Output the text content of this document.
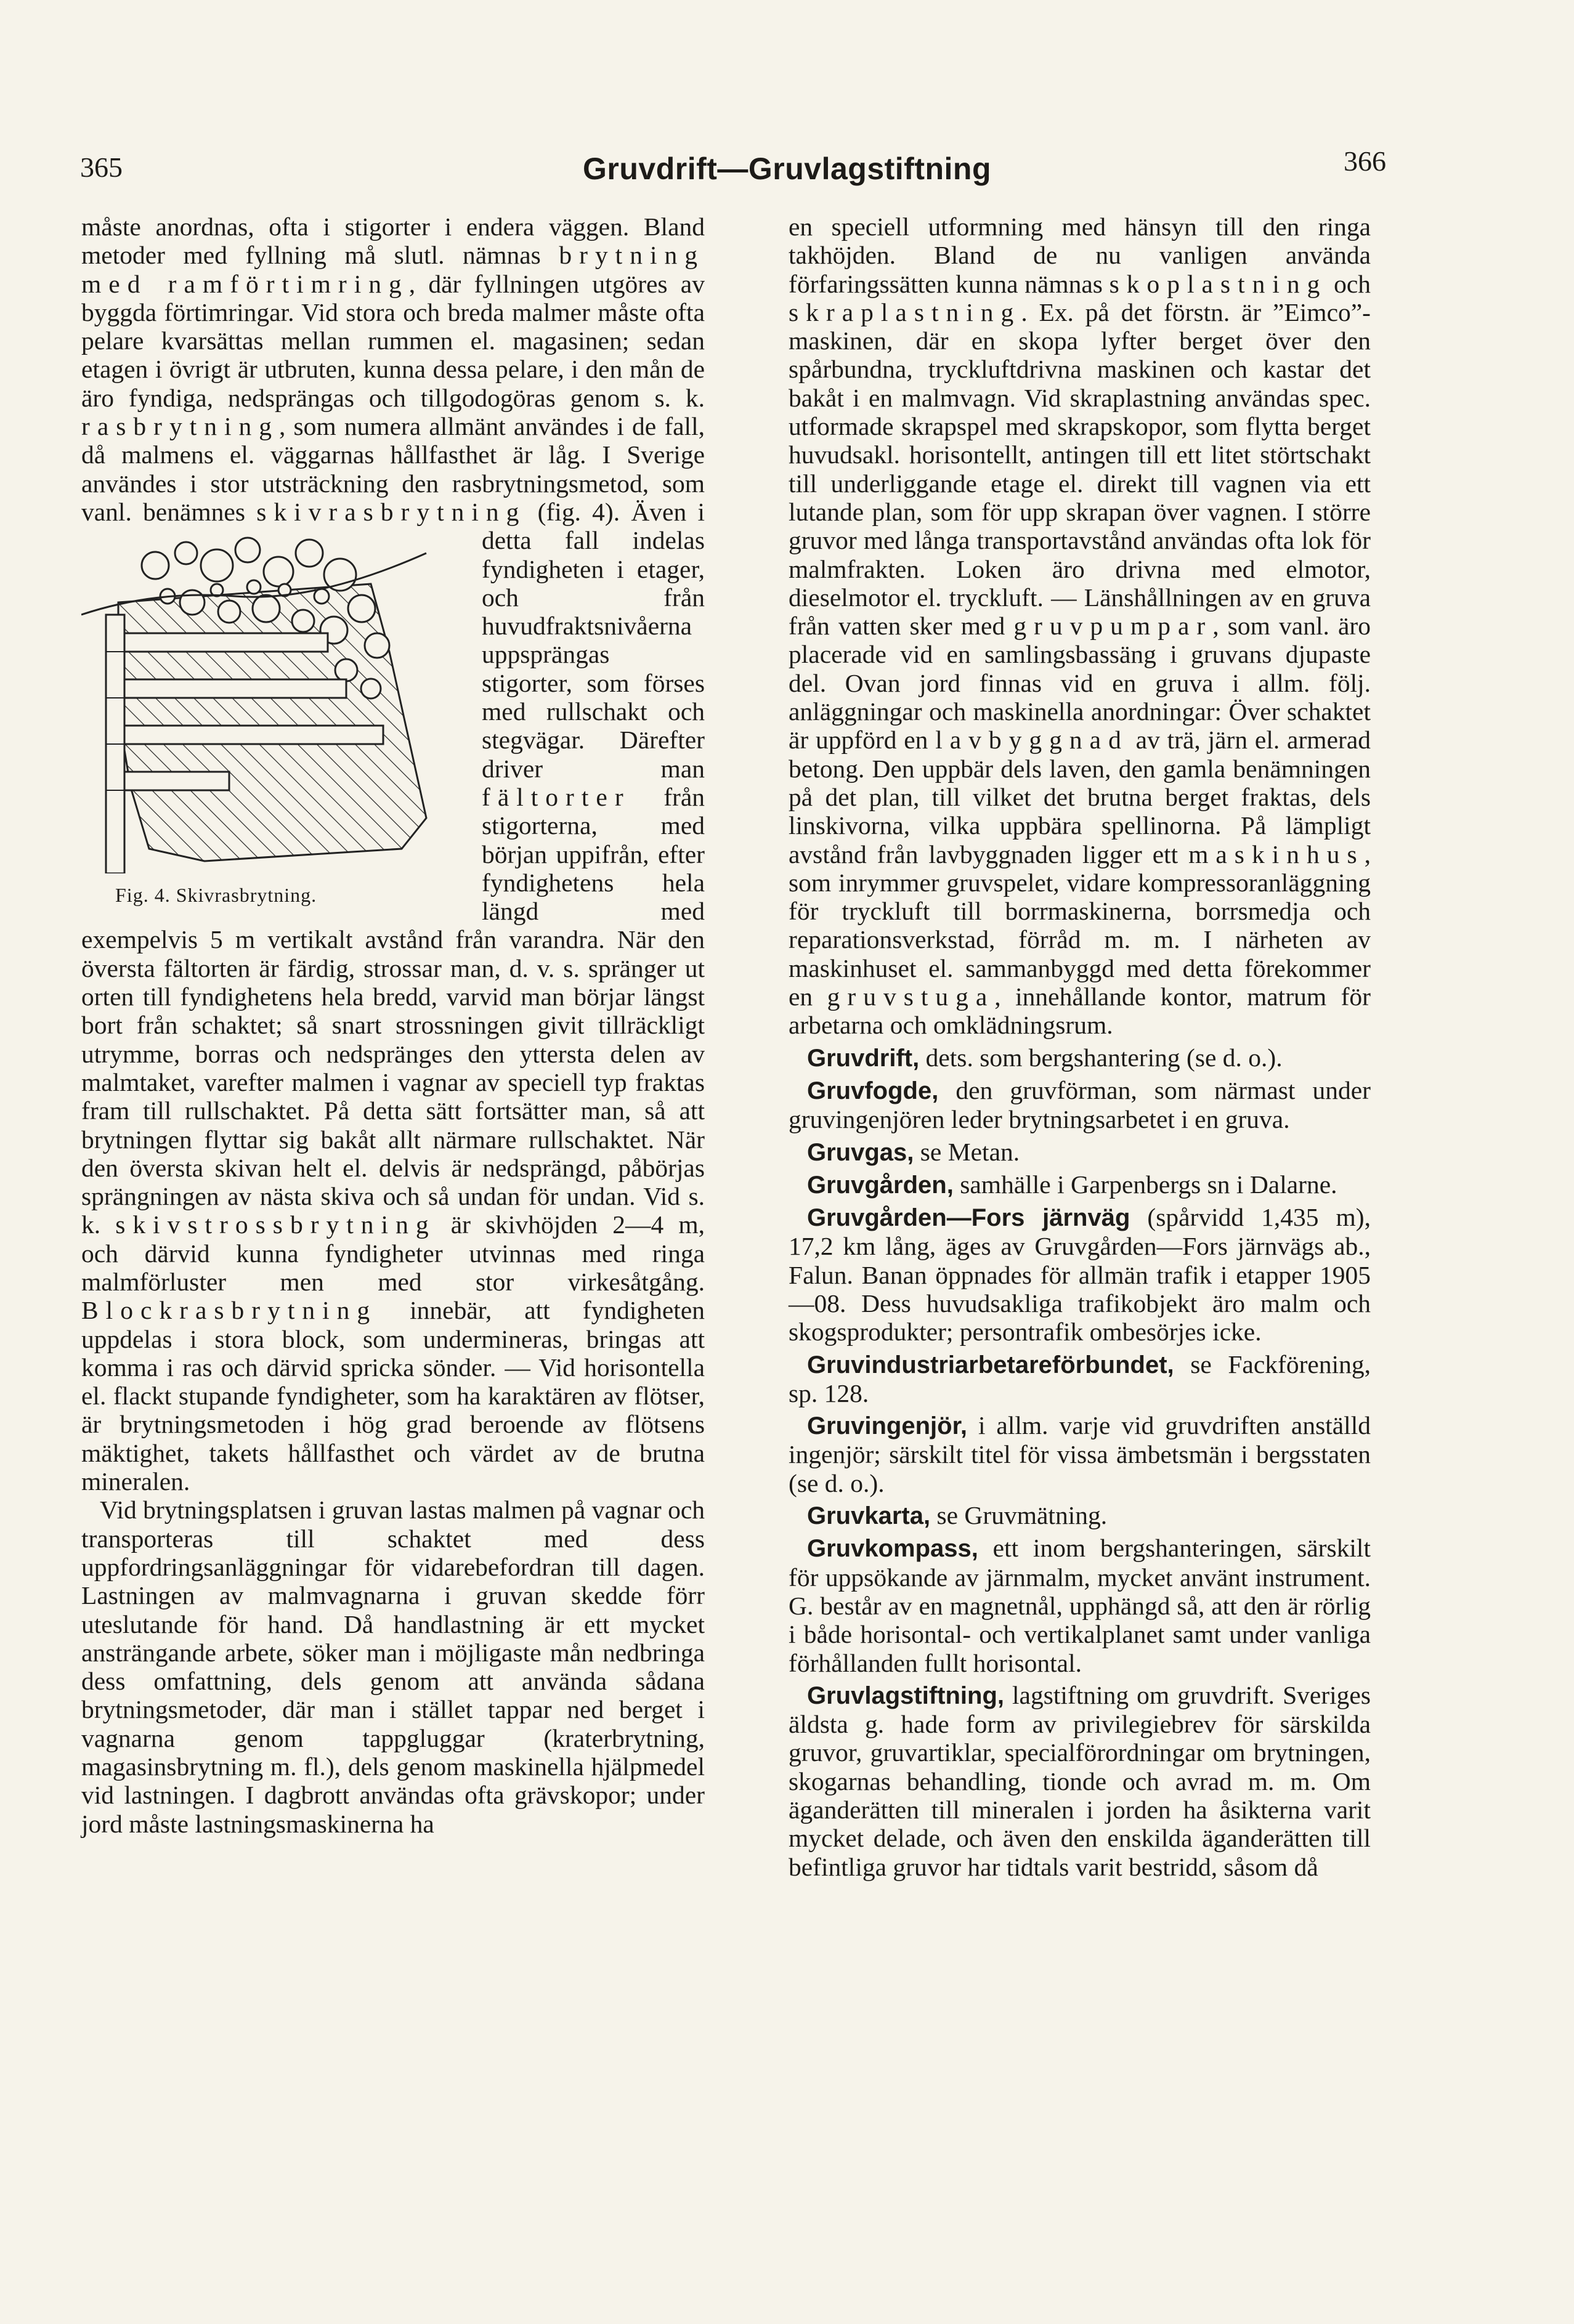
365	Gruvdrift—Gruvlagstiftning	366

måste anordnas, ofta i stigorter i endera väggen. Bland metoder med fyllning må slutl. nämnas brytning med ramförtimring, där fyllningen utgöres av byggda förtimringar. Vid stora och breda malmer måste ofta pelare kvarsättas mellan rummen el. magasinen; sedan etagen i övrigt är utbruten, kunna dessa pelare, i den mån de äro fyndiga, nedsprängas och tillgodogöras genom s. k. rasbrytning, som numera allmänt användes i de fall, då malmens el. väggarnas hållfasthet är låg. I Sverige användes i stor utsträckning den rasbrytningsmetod, som vanl. benämnes skivrasbrytning
Fig. 4. Skivrasbrytning.
(fig. 4). Även i detta fall indelas fyndigheten i etager, och från huvudfraktsnivåerna uppsprängas stigorter, som förses med rullschakt och stegvägar. Därefter driver man fältorter från stigorterna, med början uppifrån, efter fyndighetens hela längd med exempelvis 5 m vertikalt avstånd från varandra. När den översta fältorten är färdig, strossar man, d. v. s. spränger ut orten till fyndighetens hela bredd, varvid man börjar längst bort från schaktet; så snart strossningen givit tillräckligt utrymme, borras och nedspränges den yttersta delen av malmtaket, varefter malmen i vagnar av speciell typ fraktas fram till rullschaktet. På detta sätt fortsätter man, så att brytningen flyttar sig bakåt allt närmare rullschaktet. När den översta skivan helt el. delvis är nedsprängd, påbörjas sprängningen av nästa skiva och så undan för undan. Vid s. k. skivstrossbrytning är skivhöjden 2—4 m, och därvid kunna fyndigheter utvinnas med ringa malmförluster men med stor virkesåtgång. Blockrasbrytning innebär, att fyndigheten uppdelas i stora block, som undermineras, bringas att komma i ras och därvid spricka sönder. — Vid horisontella el. flackt stupande fyndigheter, som ha karaktären av flötser, är brytningsmetoden i hög grad beroende av flötsens mäktighet, takets hållfasthet och värdet av de brutna mineralen.

Vid brytningsplatsen i gruvan lastas malmen på vagnar och transporteras till schaktet med dess uppfordringsanläggningar för vidarebefordran till dagen. Lastningen av malmvagnarna i gruvan skedde förr uteslutande för hand. Då handlastning är ett mycket ansträngande arbete, söker man i möjligaste mån nedbringa dess omfattning, dels genom att använda sådana brytningsmetoder, där man i stället tappar ned berget i vagnarna genom tappgluggar (kraterbrytning, magasinsbrytning m. fl.), dels genom maskinella hjälpmedel vid lastningen. I dagbrott användas ofta grävskopor; under jord måste lastningsmaskinerna ha

en speciell utformning med hänsyn till den ringa takhöjden. Bland de nu vanligen använda förfaringssätten kunna nämnas skoplastning och skraplastning. Ex. på det förstn. är ”Eimco”-maskinen, där en skopa lyfter berget över den spårbundna, tryckluftdrivna maskinen och kastar det bakåt i en malmvagn. Vid skraplastning användas spec. utformade skrapspel med skrapskopor, som flytta berget huvudsakl. horisontellt, antingen till ett litet störtschakt till underliggande etage el. direkt till vagnen via ett lutande plan, som för upp skrapan över vagnen. I större gruvor med långa transportavstånd användas ofta lok för malmfrakten. Loken äro drivna med elmotor, dieselmotor el. tryckluft. — Länshållningen av en gruva från vatten sker med gruvpumpar, som vanl. äro placerade vid en samlingsbassäng i gruvans djupaste del. Ovan jord finnas vid en gruva i allm. följ. anläggningar och maskinella anordningar: Över schaktet är uppförd en lavbyggnad av trä, järn el. armerad betong. Den uppbär dels laven, den gamla benämningen på det plan, till vilket det brutna berget fraktas, dels linskivorna, vilka uppbära spellinorna. På lämpligt avstånd från lavbyggnaden ligger ett maskinhus, som inrymmer gruvspelet, vidare kompressoranläggning för tryckluft till borrmaskinerna, borrsmedja och reparationsverkstad, förråd m. m. I närheten av maskinhuset el. sammanbyggd med detta förekommer en gruvstuga, innehållande kontor, matrum för arbetarna och omklädningsrum.

Gruvdrift, dets. som bergshantering (se d. o.).

Gruvfogde, den gruvförman, som närmast under gruvingenjören leder brytningsarbetet i en gruva.

Gruvgas, se Metan.

Gruvgården, samhälle i Garpenbergs sn i Dalarne.

Gruvgården—Fors järnväg (spårvidd 1,435 m), 17,2 km lång, äges av Gruvgården—Fors järnvägs ab., Falun. Banan öppnades för allmän trafik i etapper 1905—08. Dess huvudsakliga trafikobjekt äro malm och skogsprodukter; persontrafik ombesörjes icke.

Gruvindustriarbetareförbundet, se Fackförening, sp. 128.

Gruvingenjör, i allm. varje vid gruvdriften anställd ingenjör; särskilt titel för vissa ämbetsmän i bergsstaten (se d. o.).

Gruvkarta, se Gruvmätning.

Gruvkompass, ett inom bergshanteringen, särskilt för uppsökande av järnmalm, mycket använt instrument. G. består av en magnetnål, upphängd så, att den är rörlig i både horisontal- och vertikalplanet samt under vanliga förhållanden fullt horisontal.

Gruvlagstiftning, lagstiftning om gruvdrift. Sveriges äldsta g. hade form av privilegiebrev för särskilda gruvor, gruvartiklar, specialförordningar om brytningen, skogarnas behandling, tionde och avrad m. m. Om äganderätten till mineralen i jorden ha åsikterna varit mycket delade, och även den enskilda äganderätten till befintliga gruvor har tidtals varit bestridd, såsom då
